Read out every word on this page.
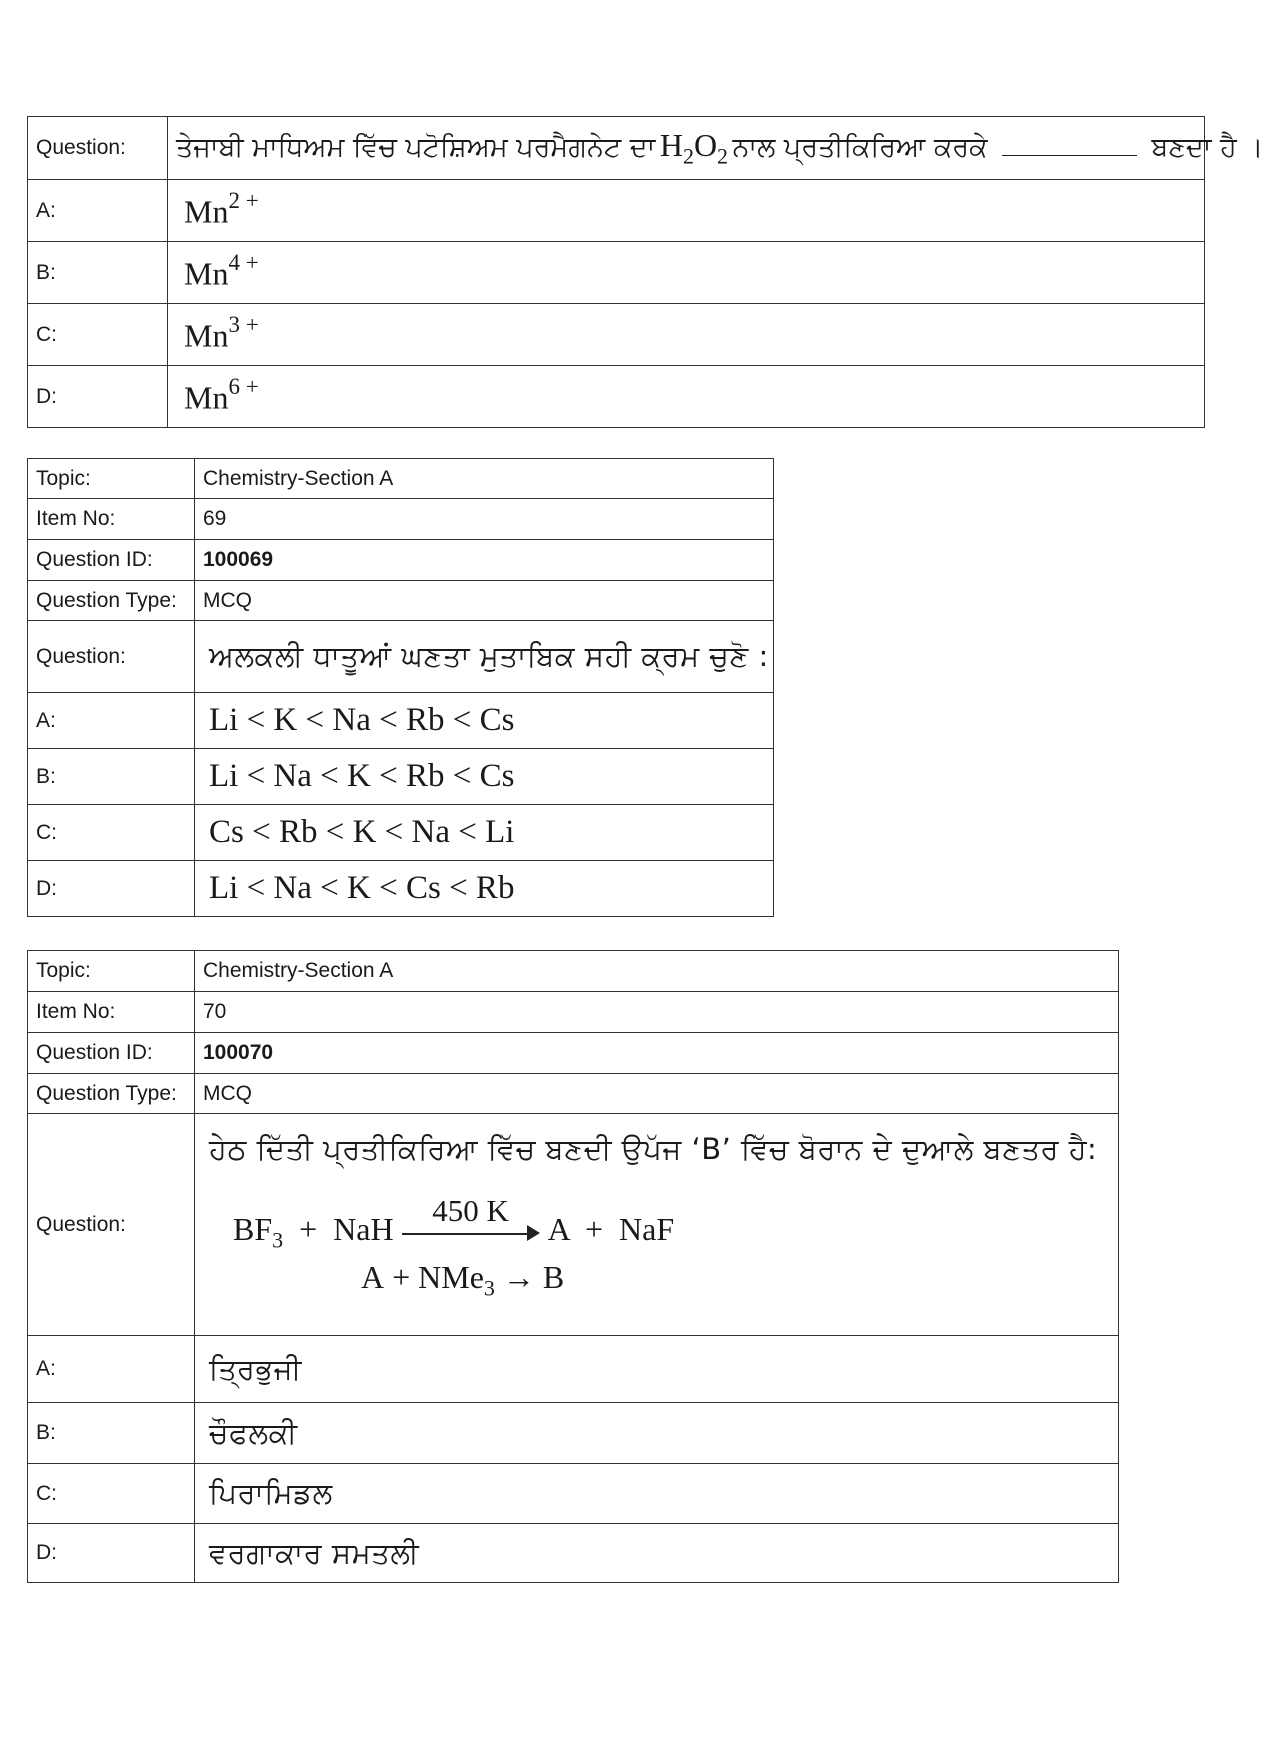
Question:	ਤੇਜਾਬੀ ਮਾਧਿਅਮ ਵਿੱਚ ਪਟੋਸ਼ਿਅਮ ਪਰਮੈਗਨੇਟ ਦਾ $H_2O_2$ ਨਾਲ ਪ੍ਰਤੀਕਿਰਿਆ ਕਰਕੇ ਬਣਦਾ ਹੈ ।
A:	$Mn^{2 +}$
B:	$Mn^{4 +}$
C:	$Mn^{3 +}$
D:	$Mn^{6 +}$
Topic:	Chemistry-Section A
Item No:	69
Question ID:	100069
Question Type:	MCQ
Question:	ਅਲਕਲੀ ਧਾਤੂਆਂ ਘਣਤਾ ਮੁਤਾਬਿਕ ਸਹੀ ਕ੍ਰਮ ਚੁਣੋ :
A:	Li < K < Na < Rb < Cs
B:	Li < Na < K < Rb < Cs
C:	Cs < Rb < K < Na < Li
D:	Li < Na < K < Cs < Rb
Topic:	Chemistry-Section A
Item No:	70
Question ID:	100070
Question Type:	MCQ
Question:	ਹੇਠ ਦਿੱਤੀ ਪ੍ਰਤੀਕਿਰਿਆ ਵਿੱਚ ਬਣਦੀ ਉਪੱਜ ‘B’ ਵਿੱਚ ਬੋਰਾਨ ਦੇ ਦੁਆਲੇ ਬਣਤਰ ਹੈ:
$BF_3$ + NaH
450 K
A + NaF
A + NMe$_3$ → B

A:	ਤ੍ਰਿਭੁਜੀ
B:	ਚੌਫਲਕੀ
C:	ਪਿਰਾਮਿਡਲ
D:	ਵਰਗਾਕਾਰ ਸਮਤਲੀ
